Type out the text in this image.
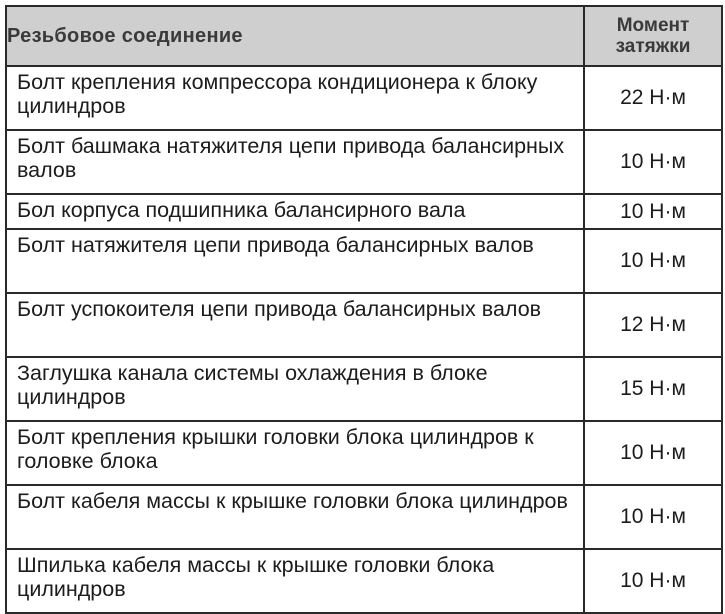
Резьбовое соединение	Момент
затяжки

Болт крепления компрессора кондиционера к блоку цилиндров	22 Н·м
Болт башмака натяжителя цепи привода балансирных валов	10 Н·м
Бол корпуса подшипника балансирного вала	10 Н·м
Болт натяжителя цепи привода балансирных валов	10 Н·м
Болт успокоителя цепи привода балансирных валов	12 Н·м
Заглушка канала системы охлаждения в блоке цилиндров	15 Н·м
Болт крепления крышки головки блока цилиндров к головке блока	10 Н·м
Болт кабеля массы к крышке головки блока цилиндров	10 Н·м
Шпилька кабеля массы к крышке головки блока цилиндров	10 Н·м
